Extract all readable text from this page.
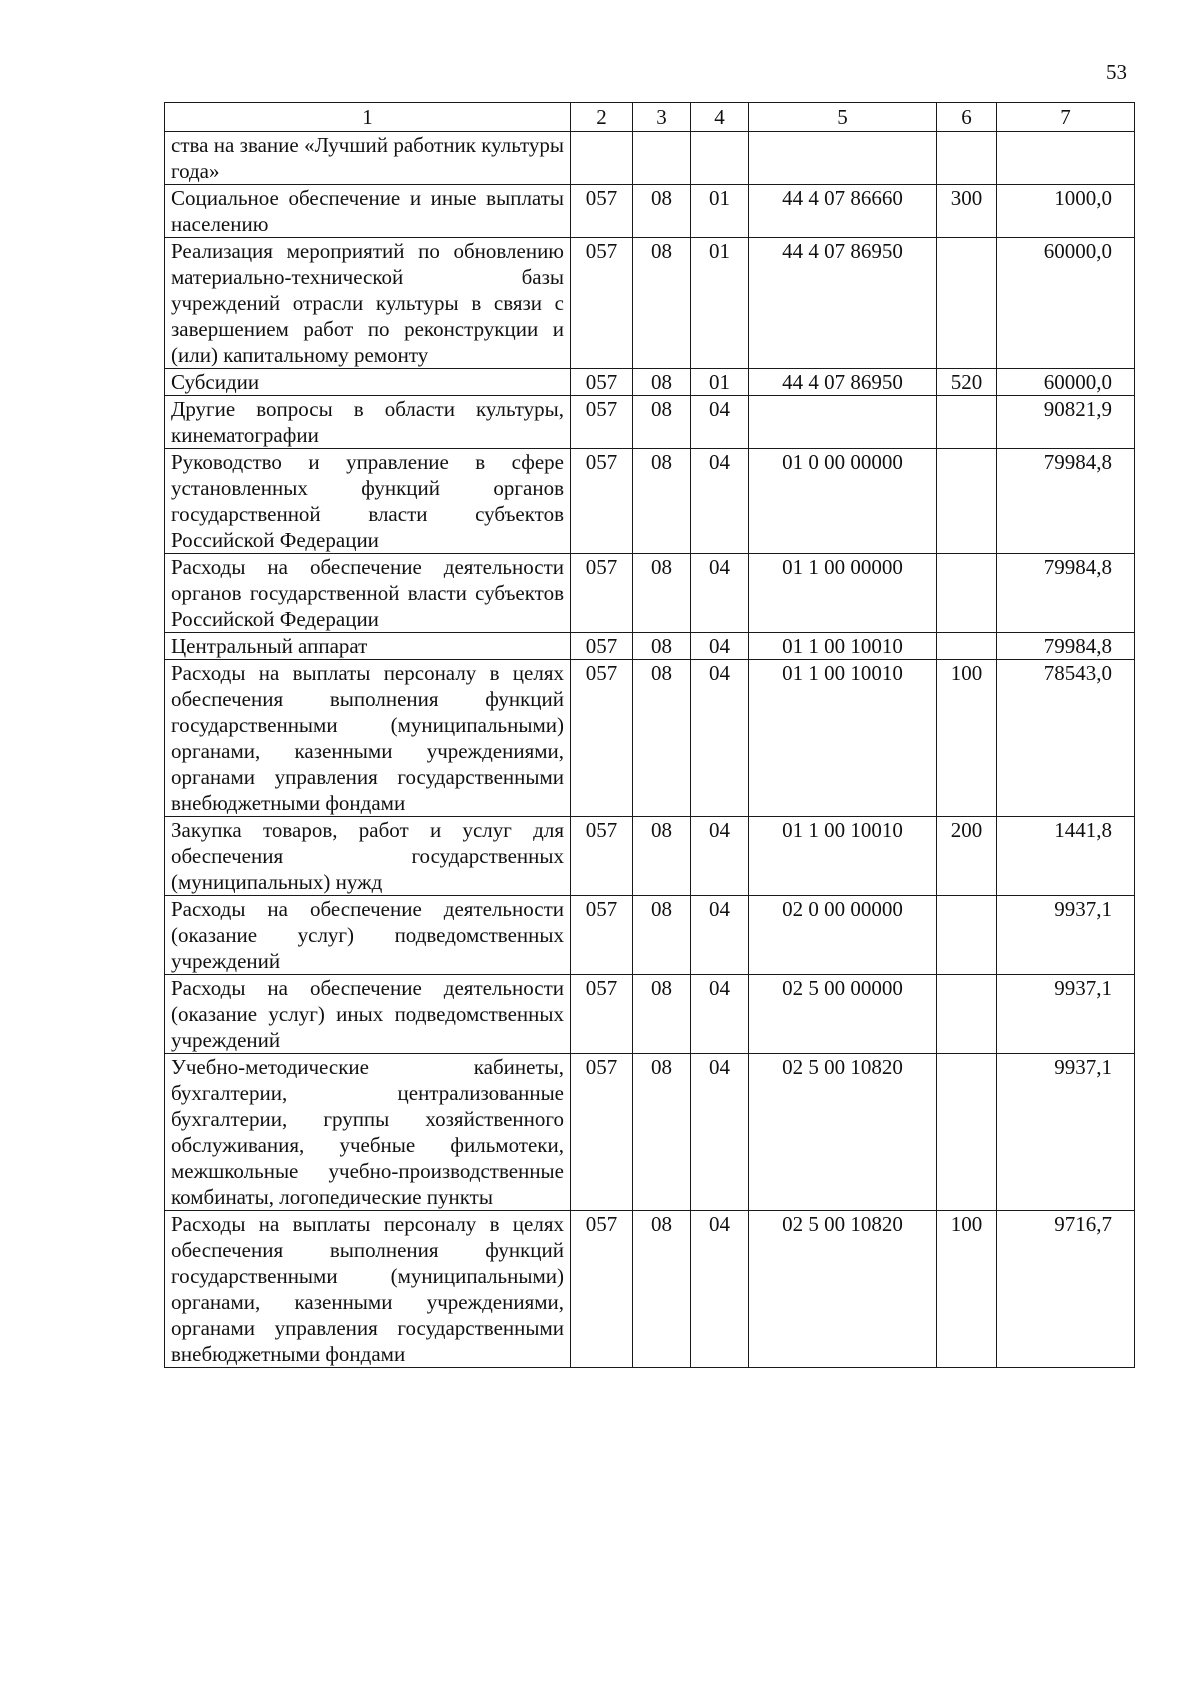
53
1	2	3	4	5	6	7
ства на звание «Лучший работник культуры года»						
Социальное обеспечение и иные выплаты населению	057	08	01	44 4 07 86660	300	1000,0
Реализация мероприятий по обновлению материально-технической базы учреждений отрасли культуры в связи с завершением работ по реконструкции и (или) капитальному ремонту	057	08	01	44 4 07 86950		60000,0
Субсидии	057	08	01	44 4 07 86950	520	60000,0
Другие вопросы в области культуры, кинематографии	057	08	04			90821,9
Руководство и управление в сфере установленных функций органов государственной власти субъектов Российской Федерации	057	08	04	01 0 00 00000		79984,8
Расходы на обеспечение деятельности органов государственной власти субъектов Российской Федерации	057	08	04	01 1 00 00000		79984,8
Центральный аппарат	057	08	04	01 1 00 10010		79984,8
Расходы на выплаты персоналу в целях обеспечения выполнения функций государственными (муниципальными) органами, казенными учреждениями, органами управления государственными внебюджетными фондами	057	08	04	01 1 00 10010	100	78543,0
Закупка товаров, работ и услуг для обеспечения государственных (муниципальных) нужд	057	08	04	01 1 00 10010	200	1441,8
Расходы на обеспечение деятельности (оказание услуг) подведомственных учреждений	057	08	04	02 0 00 00000		9937,1
Расходы на обеспечение деятельности (оказание услуг) иных подведомственных учреждений	057	08	04	02 5 00 00000		9937,1
Учебно-методические кабинеты, бухгалтерии, централизованные бухгалтерии, группы хозяйственного обслуживания, учебные фильмотеки, межшкольные учебно-производственные комбинаты, логопедические пункты	057	08	04	02 5 00 10820		9937,1
Расходы на выплаты персоналу в целях обеспечения выполнения функций государственными (муниципальными) органами, казенными учреждениями, органами управления государственными внебюджетными фондами	057	08	04	02 5 00 10820	100	9716,7
